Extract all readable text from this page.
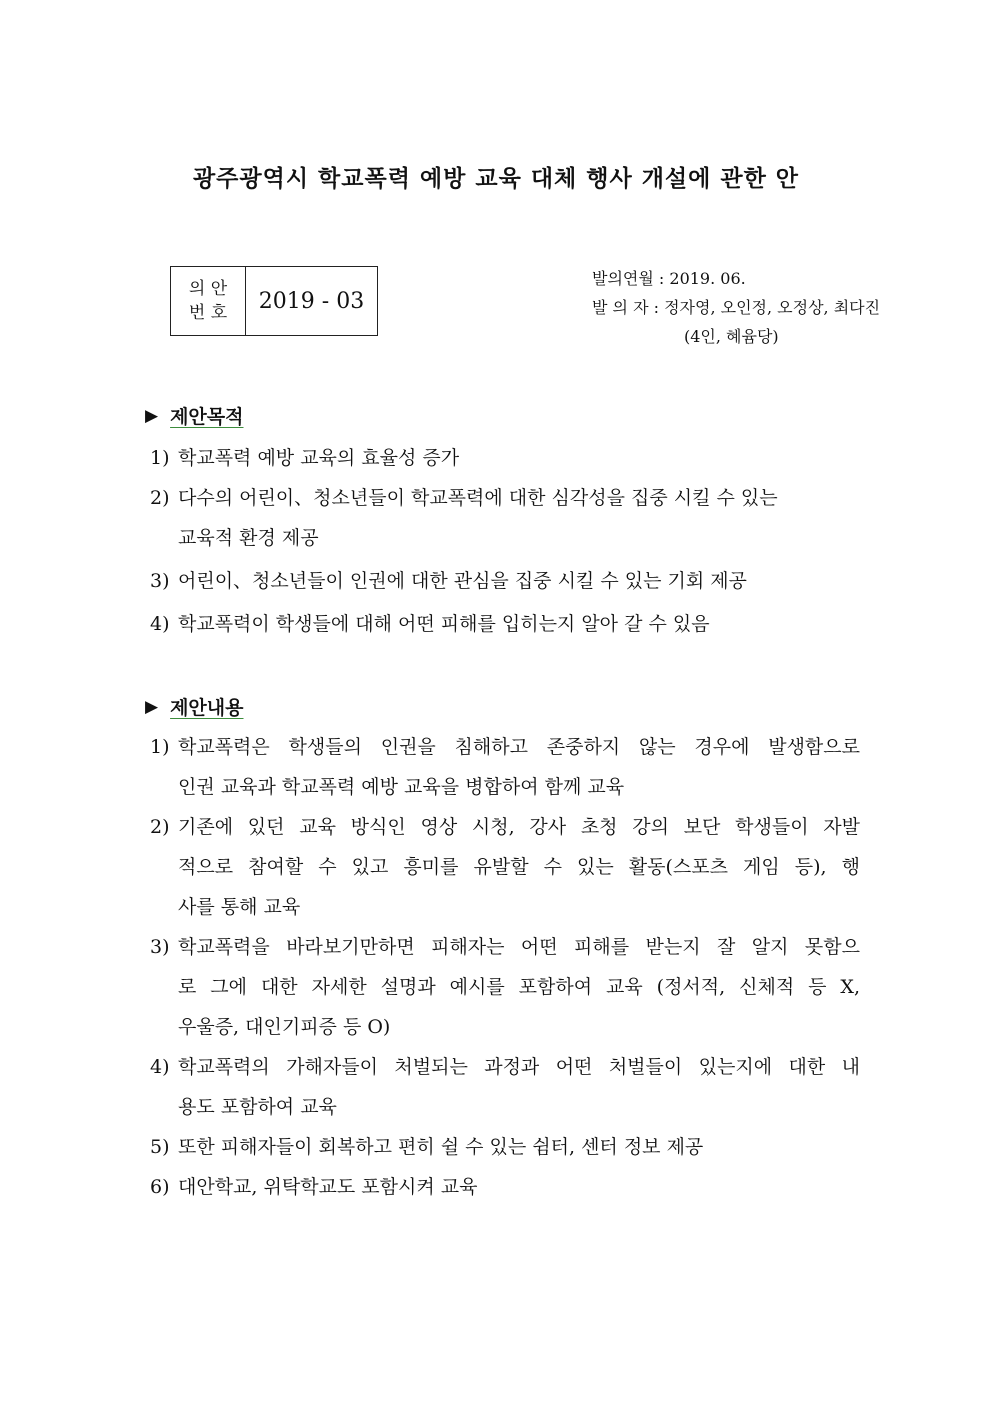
광주광역시 학교폭력 예방 교육 대체 행사 개설에 관한 안
의 안
번 호	2019 - 03
발의연월 : 2019. 06.
발 의 자 : 정자영, 오인정, 오정상, 최다진
(4인, 혜윰당)
▶ 제안목적
1) 학교폭력 예방 교육의 효율성 증가
2) 다수의 어린이、청소년들이 학교폭력에 대한 심각성을 집중 시킬 수 있는
교육적 환경 제공
3) 어린이、청소년들이 인권에 대한 관심을 집중 시킬 수 있는 기회 제공
4) 학교폭력이 학생들에 대해 어떤 피해를 입히는지 알아 갈 수 있음
▶ 제안내용
1) 학교폭력은 학생들의 인권을 침해하고 존중하지 않는 경우에 발생함으로
인권 교육과 학교폭력 예방 교육을 병합하여 함께 교육
2) 기존에 있던 교육 방식인 영상 시청, 강사 초청 강의 보단 학생들이 자발
적으로 참여할 수 있고 흥미를 유발할 수 있는 활동(스포츠 게임 등), 행
사를 통해 교육
3) 학교폭력을 바라보기만하면 피해자는 어떤 피해를 받는지 잘 알지 못함으
로 그에 대한 자세한 설명과 예시를 포함하여 교육 (정서적, 신체적 등 X,
우울증, 대인기피증 등 O)
4) 학교폭력의 가해자들이 처벌되는 과정과 어떤 처벌들이 있는지에 대한 내
용도 포함하여 교육
5) 또한 피해자들이 회복하고 편히 쉴 수 있는 쉼터, 센터 정보 제공
6) 대안학교, 위탁학교도 포함시켜 교육
